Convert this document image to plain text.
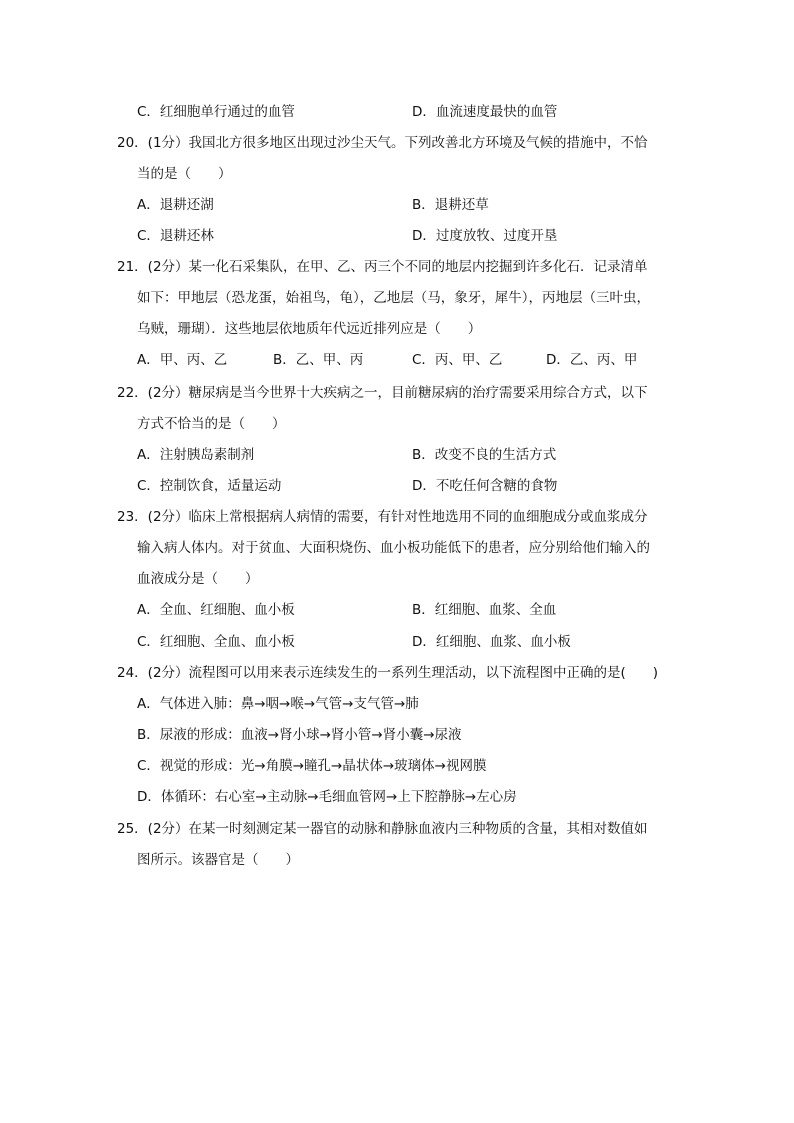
C．红细胞单行通过的血管	D．血流速度最快的血管
20．(1分）我国北方很多地区出现过沙尘天气。下列改善北方环境及气候的措施中，不恰
当的是（　　）
A．退耕还湖	B．退耕还草
C．退耕还林	D．过度放牧、过度开垦
21．(2分）某一化石采集队，在甲、乙、丙三个不同的地层内挖掘到许多化石．记录清单
如下：甲地层（恐龙蛋，始祖鸟，龟），乙地层（马，象牙，犀牛），丙地层（三叶虫，
乌贼，珊瑚）．这些地层依地质年代远近排列应是（　　）
A．甲、丙、乙	B．乙、甲、丙	C．丙、甲、乙	D．乙、丙、甲
22．(2分）糖尿病是当今世界十大疾病之一，目前糖尿病的治疗需要采用综合方式，以下
方式不恰当的是（　　）
A．注射胰岛素制剂	B．改变不良的生活方式
C．控制饮食，适量运动	D．不吃任何含糖的食物
23．(2分）临床上常根据病人病情的需要，有针对性地选用不同的血细胞成分或血浆成分
输入病人体内。对于贫血、大面积烧伤、血小板功能低下的患者，应分别给他们输入的
血液成分是（　　）
A．全血、红细胞、血小板	B．红细胞、血浆、全血
C．红细胞、全血、血小板	D．红细胞、血浆、血小板
24．(2分）流程图可以用来表示连续发生的一系列生理活动，以下流程图中正确的是(　　)
A．气体进入肺：鼻→咽→喉→气管→支气管→肺
B．尿液的形成：血液→肾小球→肾小管→肾小囊→尿液
C．视觉的形成：光→角膜→瞳孔→晶状体→玻璃体→视网膜
D．体循环：右心室→主动脉→毛细血管网→上下腔静脉→左心房
25．(2分）在某一时刻测定某一器官的动脉和静脉血液内三种物质的含量，其相对数值如
图所示。该器官是（　　）
